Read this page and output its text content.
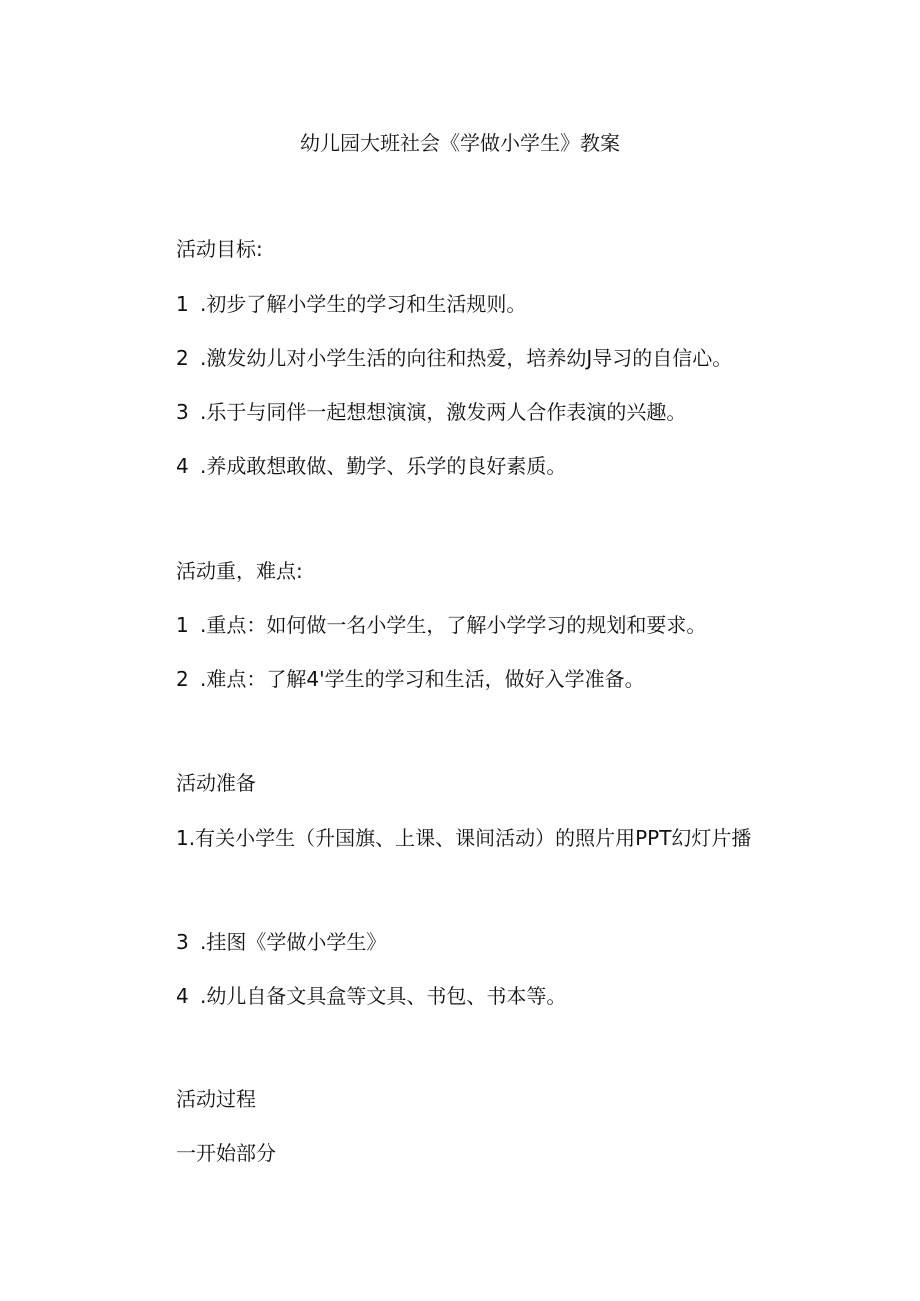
幼儿园大班社会《学做小学生》教案
活动目标:
1 .初步了解小学生的学习和生活规则。
2 .激发幼儿对小学生活的向往和热爱，培养幼J导习的自信心。
3 .乐于与同伴一起想想演演，激发两人合作表演的兴趣。
4 .养成敢想敢做、勤学、乐学的良好素质。
活动重，难点:
1 .重点：如何做一名小学生，了解小学学习的规划和要求。
2 .难点：了解4'学生的学习和生活，做好入学准备。
活动准备
1.有关小学生（升国旗、上课、课间活动）的照片用PPT幻灯片播
3 .挂图《学做小学生》
4 .幼儿自备文具盒等文具、书包、书本等。
活动过程
一开始部分
